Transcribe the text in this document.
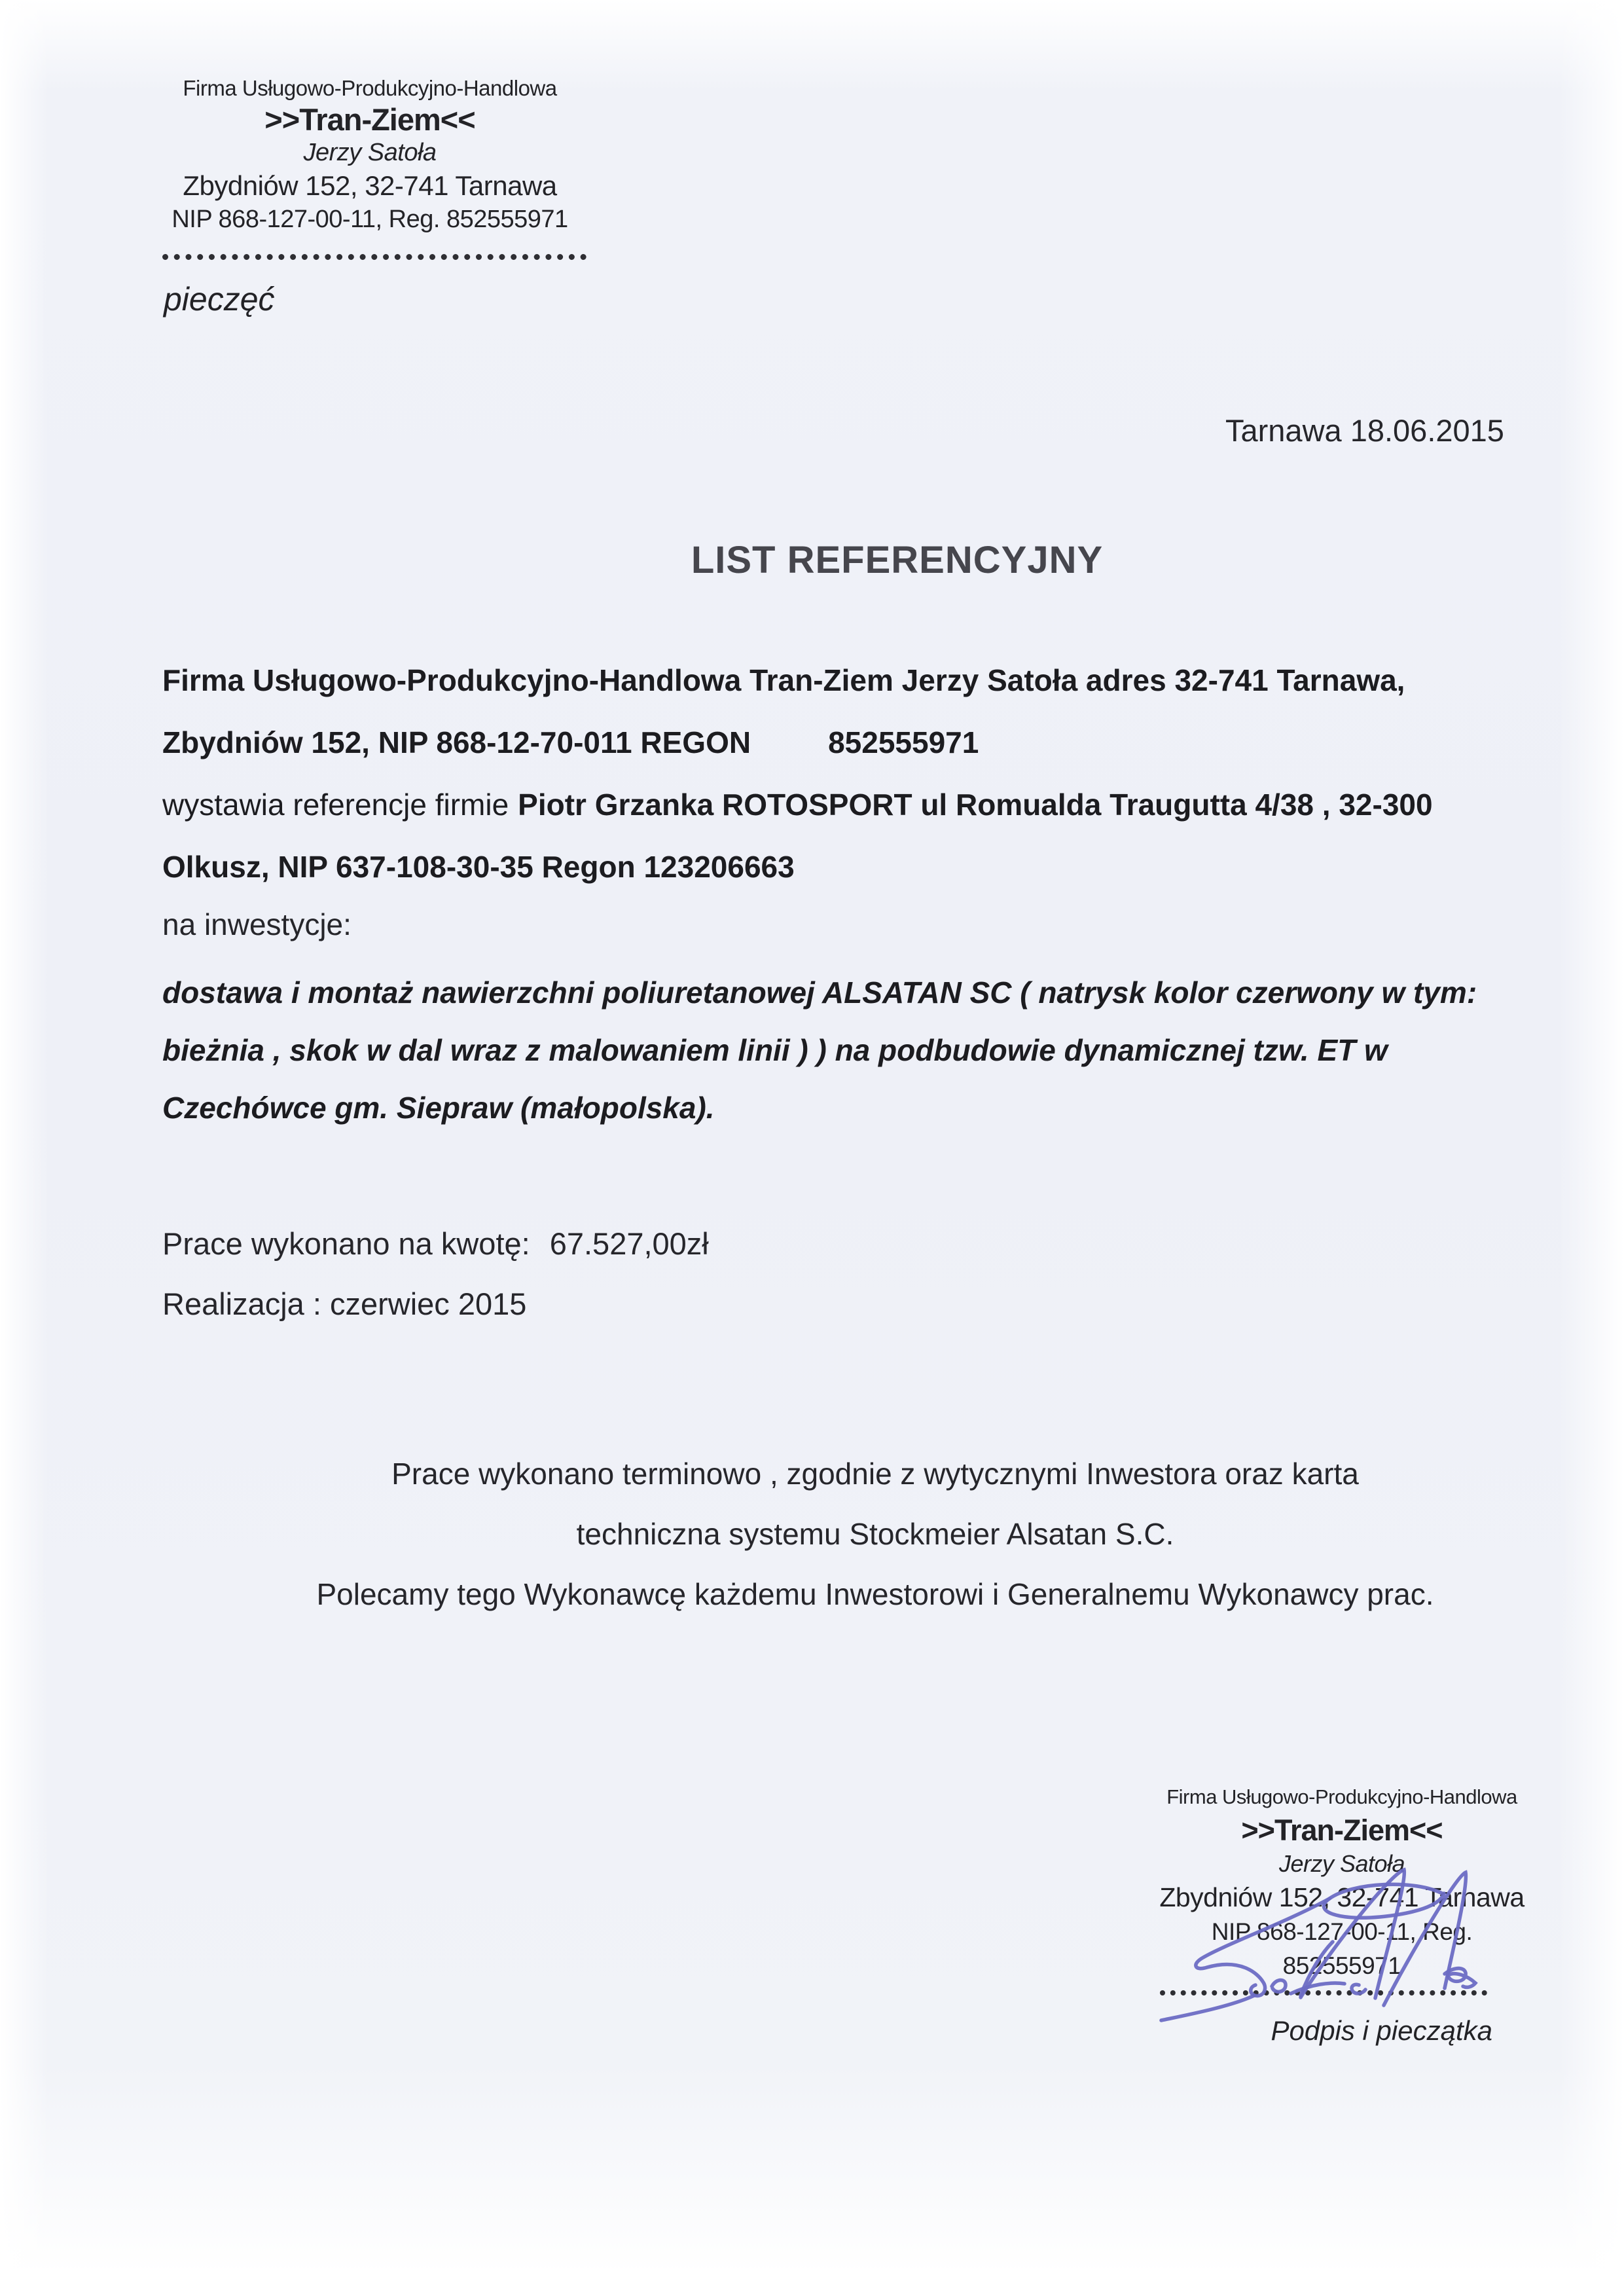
Firma Usługowo-Produkcyjno-Handlowa
>>Tran-Ziem<<
Jerzy Satoła
Zbydniów 152, 32-741 Tarnawa
NIP 868-127-00-11, Reg. 852555971
pieczęć
Tarnawa 18.06.2015
LIST REFERENCYJNY
Firma Usługowo-Produkcyjno-Handlowa Tran-Ziem Jerzy Satoła adres 32-741 Tarnawa,
Zbydniów 152, NIP 868-12-70-011 REGON	852555971
wystawia referencje firmie Piotr Grzanka ROTOSPORT ul Romualda Traugutta 4/38 , 32-300
Olkusz, NIP 637-108-30-35 Regon 123206663
na inwestycje:
dostawa i montaż nawierzchni poliuretanowej ALSATAN SC ( natrysk kolor czerwony w tym:
bieżnia , skok w dal wraz z malowaniem linii ) ) na podbudowie dynamicznej tzw. ET w
Czechówce gm. Siepraw (małopolska).
Prace wykonano na kwotę: 67.527,00zł
Realizacja : czerwiec 2015
Prace wykonano terminowo , zgodnie z wytycznymi Inwestora oraz karta
techniczna systemu Stockmeier Alsatan S.C.
Polecamy tego Wykonawcę każdemu Inwestorowi i Generalnemu Wykonawcy prac.
Firma Usługowo-Produkcyjno-Handlowa
>>Tran-Ziem<<
Jerzy Satoła
Zbydniów 152, 32-741 Tarnawa
NIP 868-127-00-11, Reg. 852555971
Podpis i pieczątka
